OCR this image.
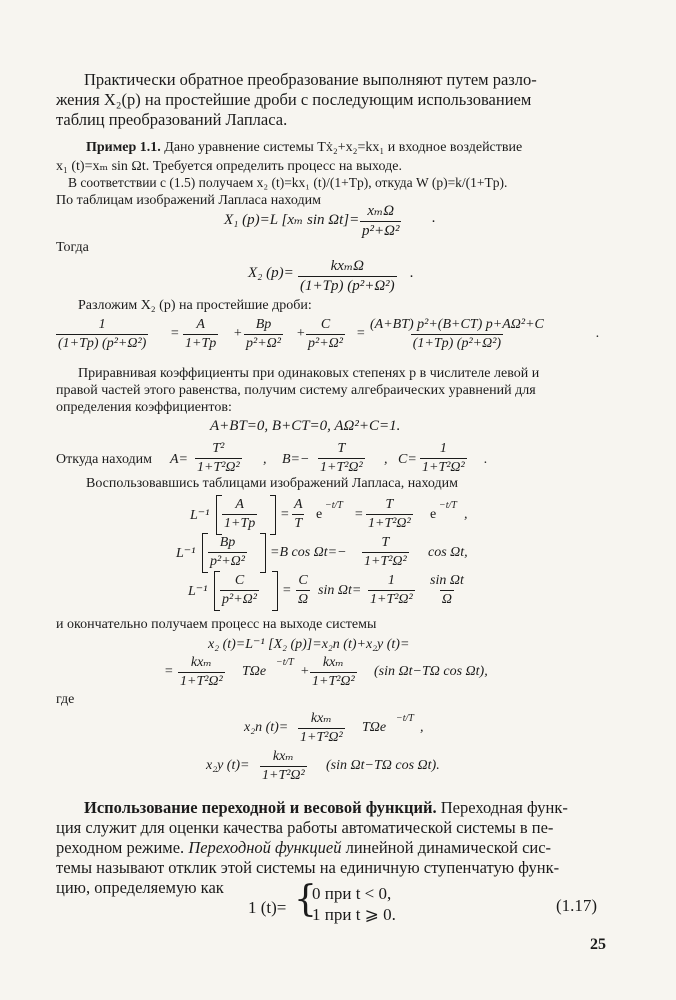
Практически обратное преобразование выполняют путем разло-
жения X₂(p) на простейшие дроби с последующим использованием
таблиц преобразований Лапласа.
Пример 1.1. Дано уравнение системы Tẋ₂+x₂=kx₁ и входное воздействие
x₁ (t)=xₘ sin Ωt. Требуется определить процесс на выходе.
В соответствии с (1.5) получаем x₂ (t)=kx₁ (t)/(1+Tp), откуда W (p)=k/(1+Tp).
По таблицам изображений Лапласа находим
X₁ (p)=L [xₘ sin Ωt]=
xₘΩ
p²+Ω²
.
Тогда
X₂ (p)= kxₘΩ
(1+Tp) (p²+Ω²)
.
Разложим X₂ (p) на простейшие дроби:
$\frac{1}{\text{(1+Tp) (p²+Ω²)}} = \frac{A}{1+Tp} + \frac{Bp}{\text{p²+Ω²}} + \frac{C}{\text{p²+Ω²}} = \frac{\text{(A+BT) p²+(B+CT) p+AΩ²+C}}{\text{(1+Tp) (p²+Ω²)}}$	.
Приравнивая коэффициенты при одинаковых степенях p в числителе левой и
правой частей этого равенства, получим систему алгебраических уравнений для
определения коэффициентов:
A+BT=0, B+CT=0, AΩ²+C=1.
Откуда находим $A= \frac{\text{T²}}{\text{1+T²Ω²}}$ , $B=- \frac{T}{\text{1+T²Ω²}}$ , $C= \frac{1}{\text{1+T²Ω²}}$ .
Воспользовавшись таблицами изображений Лапласа, находим
$L^{-1} \frac{A}{1+Tp} = \frac{A}{T}$ e
−t/T
= $\frac{T}{\text{1+T²Ω²}}$ e
−t/T
,
$L^{-1} \frac{Bp}{\text{p²+Ω²}} =B$ $\cos \Omega t=- \frac{T}{\text{1+T²Ω²}}$ cos Ωt,
$L^{-1} \frac{C}{\text{p²+Ω²}} = \frac{C}{\Omega}$ $\sin \Omega t= \frac{1}{\text{1+T²Ω²}} \frac{\text{sin Ωt}}{\Omega}$
и окончательно получаем процесс на выходе системы
x₂ (t)=L⁻¹ [X₂ (p)]=x₂п (t)+x₂у (t)=
=
kxₘ
1+T²Ω²
TΩe
−t/T
+
kxₘ
1+T²Ω²
(sin Ωt−TΩ cos Ωt),
где
x₂п (t)=
kxₘ
1+T²Ω²
TΩe
−t/T
,
x₂у (t)=
kxₘ
1+T²Ω²
(sin Ωt−TΩ cos Ωt).
Использование переходной и весовой функций. Переходная функ-
ция служит для оценки качества работы автоматической системы в пе-
реходном режиме. Переходной функцией линейной динамической сис-
темы называют отклик этой системы на единичную ступенчатую функ-
цию, определяемую как
1 (t)= {
0 при t < 0,
1 при t ⩾ 0.	(1.17)
25
